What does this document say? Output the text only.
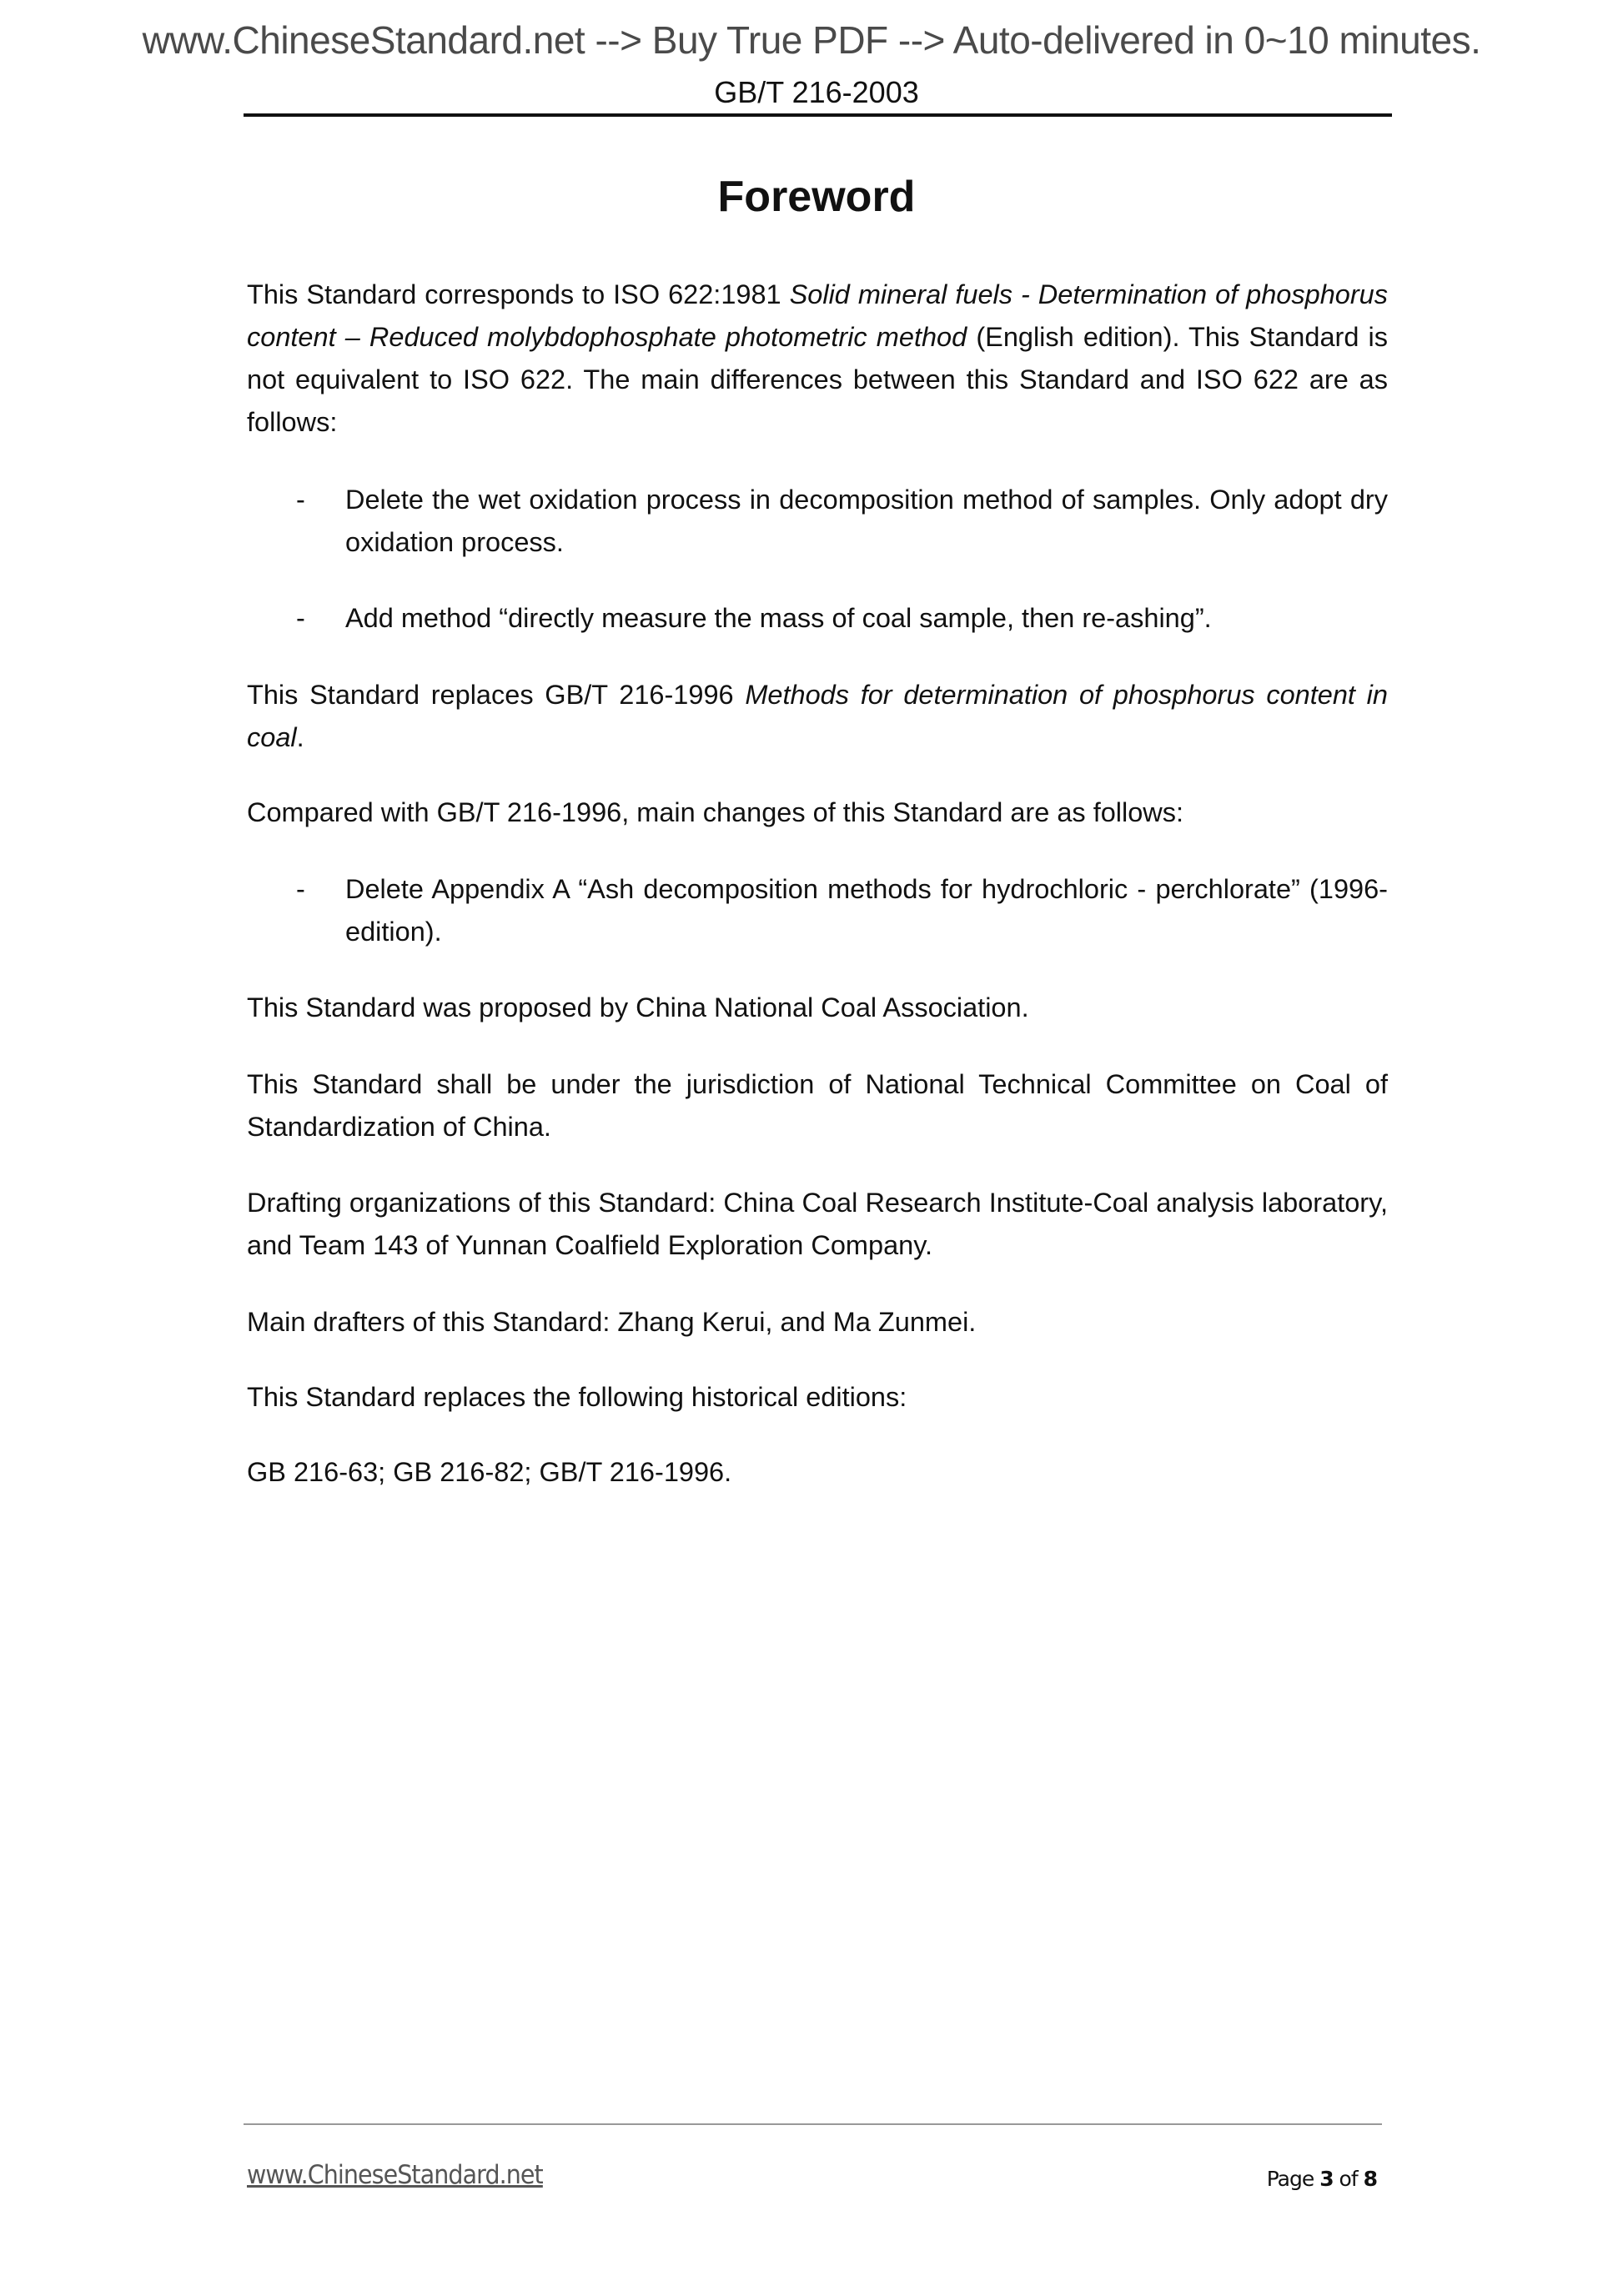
www.ChineseStandard.net --> Buy True PDF --> Auto-delivered in 0~10 minutes.
GB/T 216-2003
Foreword
This Standard corresponds to ISO 622:1981 Solid mineral fuels - Determination of phosphorus content – Reduced molybdophosphate photometric method (English edition). This Standard is not equivalent to ISO 622. The main differences between this Standard and ISO 622 are as follows:
- Delete the wet oxidation process in decomposition method of samples. Only adopt dry oxidation process.
- Add method “directly measure the mass of coal sample, then re-ashing”.
This Standard replaces GB/T 216-1996 Methods for determination of phosphorus content in coal.
Compared with GB/T 216-1996, main changes of this Standard are as follows:
- Delete Appendix A “Ash decomposition methods for hydrochloric - perchlorate” (1996-edition).
This Standard was proposed by China National Coal Association.
This Standard shall be under the jurisdiction of National Technical Committee on Coal of Standardization of China.
Drafting organizations of this Standard: China Coal Research Institute-Coal analysis laboratory, and Team 143 of Yunnan Coalfield Exploration Company.
Main drafters of this Standard: Zhang Kerui, and Ma Zunmei.
This Standard replaces the following historical editions:
GB 216-63; GB 216-82; GB/T 216-1996.
www.ChineseStandard.net	Page 3 of 8
